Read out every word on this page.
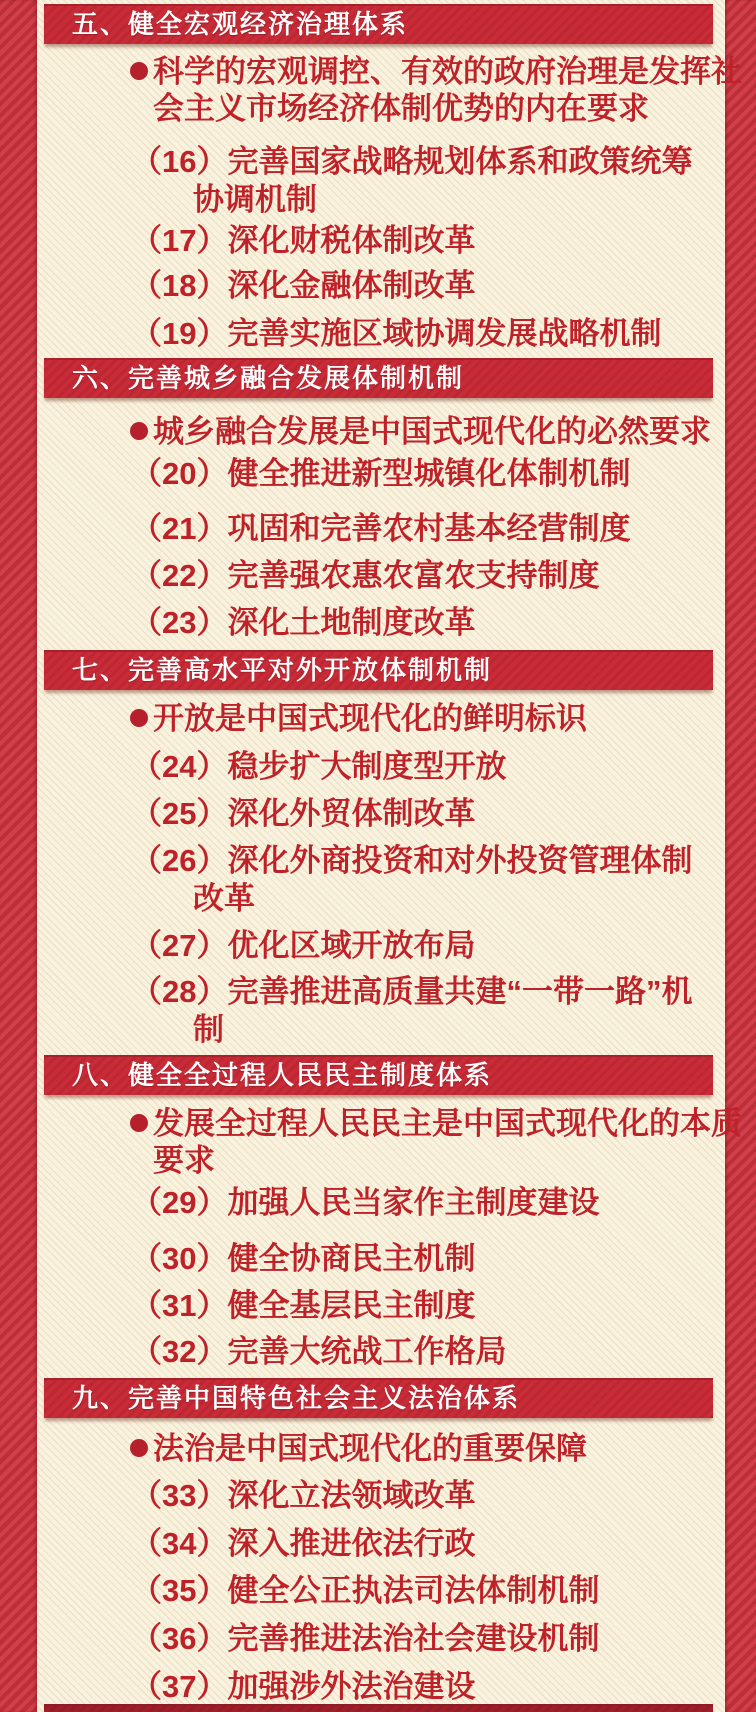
五、健全宏观经济治理体系
科学的宏观调控、有效的政府治理是发挥社会主义市场经济体制优势的内在要求
（16）完善国家战略规划体系和政策统筹协调机制
（17）深化财税体制改革
（18）深化金融体制改革
（19）完善实施区域协调发展战略机制
六、完善城乡融合发展体制机制
城乡融合发展是中国式现代化的必然要求
（20）健全推进新型城镇化体制机制
（21）巩固和完善农村基本经营制度
（22）完善强农惠农富农支持制度
（23）深化土地制度改革
七、完善高水平对外开放体制机制
开放是中国式现代化的鲜明标识
（24）稳步扩大制度型开放
（25）深化外贸体制改革
（26）深化外商投资和对外投资管理体制改革
（27）优化区域开放布局
（28）完善推进高质量共建“一带一路”机制
八、健全全过程人民民主制度体系
发展全过程人民民主是中国式现代化的本质要求
（29）加强人民当家作主制度建设
（30）健全协商民主机制
（31）健全基层民主制度
（32）完善大统战工作格局
九、完善中国特色社会主义法治体系
法治是中国式现代化的重要保障
（33）深化立法领域改革
（34）深入推进依法行政
（35）健全公正执法司法体制机制
（36）完善推进法治社会建设机制
（37）加强涉外法治建设
